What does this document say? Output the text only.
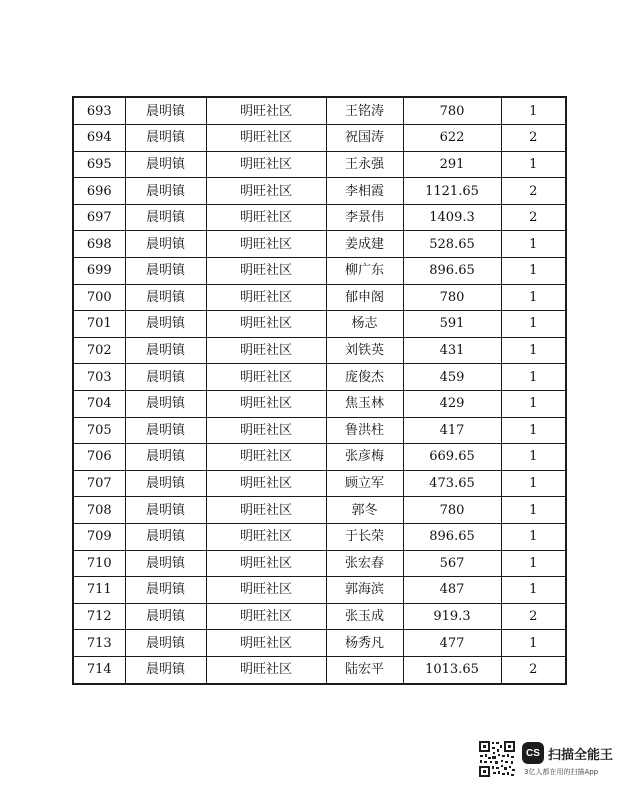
693	晨明镇	明旺社区	王铭涛	780	1
694	晨明镇	明旺社区	祝国涛	622	2
695	晨明镇	明旺社区	王永强	291	1
696	晨明镇	明旺社区	李相霞	1121.65	2
697	晨明镇	明旺社区	李景伟	1409.3	2
698	晨明镇	明旺社区	姜成建	528.65	1
699	晨明镇	明旺社区	柳广东	896.65	1
700	晨明镇	明旺社区	郁申阁	780	1
701	晨明镇	明旺社区	杨志	591	1
702	晨明镇	明旺社区	刘铁英	431	1
703	晨明镇	明旺社区	庞俊杰	459	1
704	晨明镇	明旺社区	焦玉林	429	1
705	晨明镇	明旺社区	鲁洪柱	417	1
706	晨明镇	明旺社区	张彦梅	669.65	1
707	晨明镇	明旺社区	顾立军	473.65	1
708	晨明镇	明旺社区	郭冬	780	1
709	晨明镇	明旺社区	于长荣	896.65	1
710	晨明镇	明旺社区	张宏春	567	1
711	晨明镇	明旺社区	郭海滨	487	1
712	晨明镇	明旺社区	张玉成	919.3	2
713	晨明镇	明旺社区	杨秀凡	477	1
714	晨明镇	明旺社区	陆宏平	1013.65	2
CS 扫描全能王
3亿人都在用的扫描App
